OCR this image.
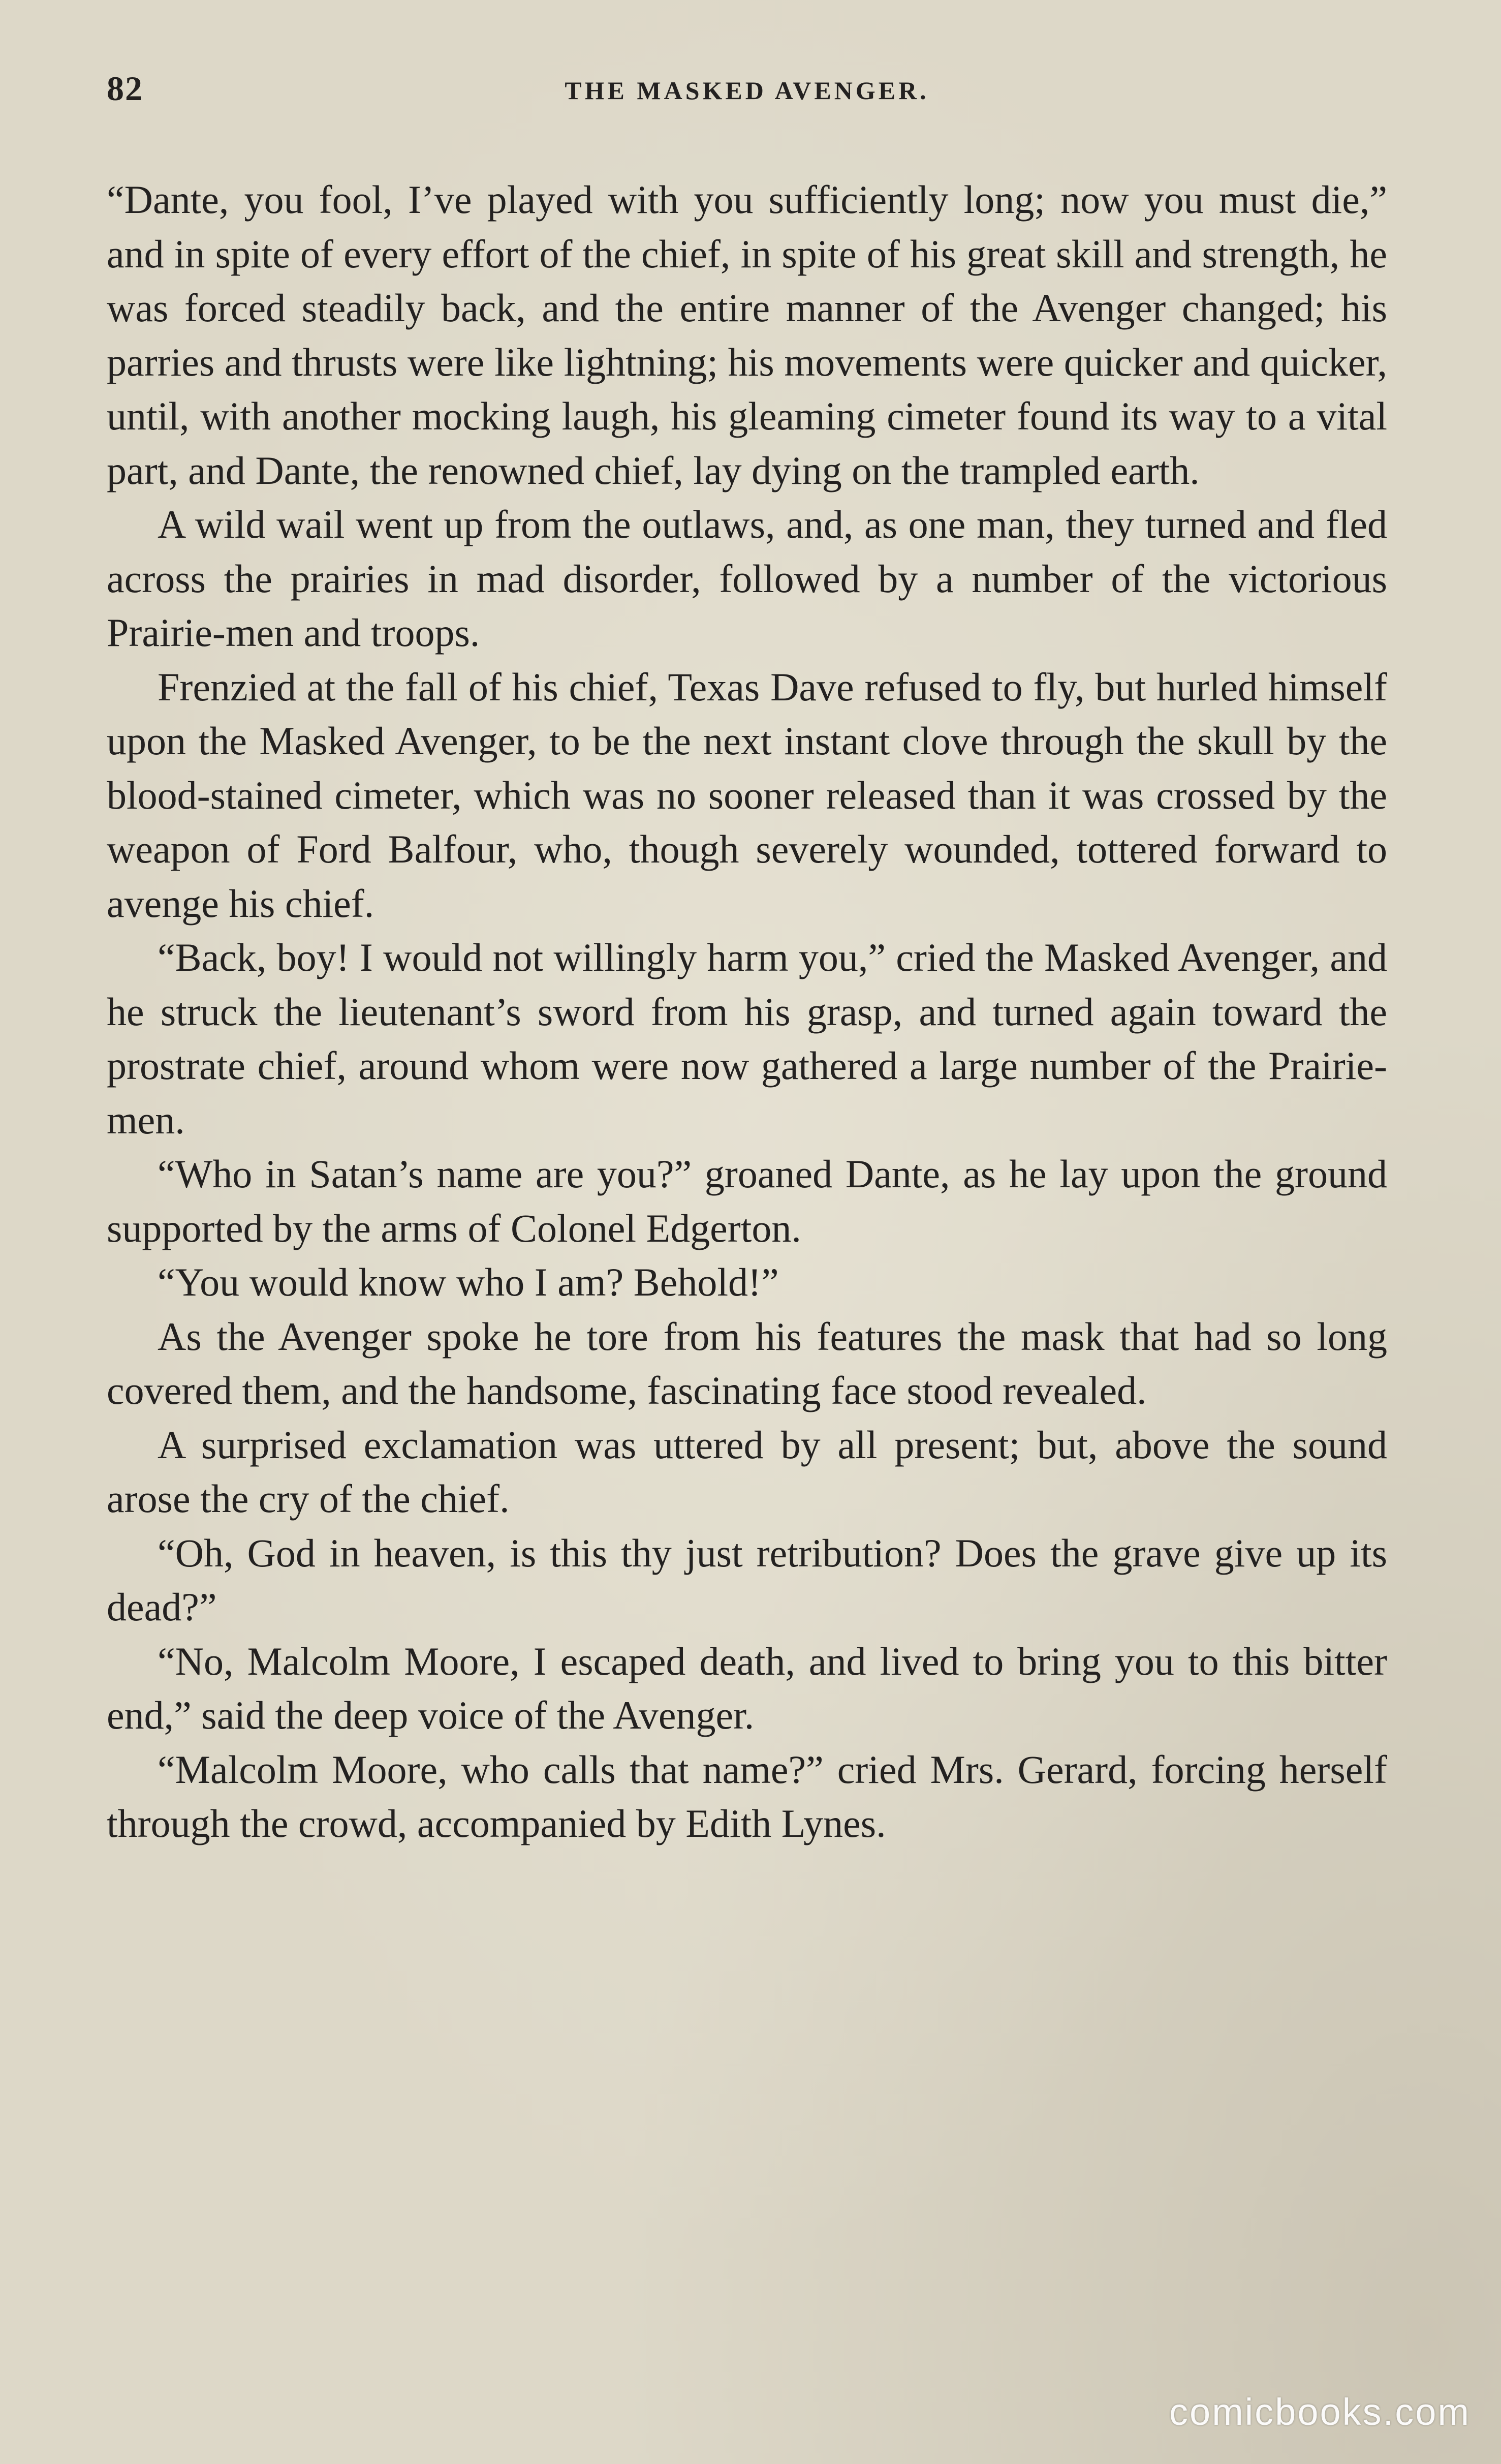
82	THE MASKED AVENGER.

“Dante, you fool, I’ve played with you sufficiently long; now you must die,” and in spite of every effort of the chief, in spite of his great skill and strength, he was forced steadily back, and the entire manner of the Avenger changed; his parries and thrusts were like lightning; his movements were quicker and quicker, until, with another mocking laugh, his gleaming cimeter found its way to a vital part, and Dante, the renowned chief, lay dying on the trampled earth.

A wild wail went up from the outlaws, and, as one man, they turned and fled across the prairies in mad disorder, followed by a number of the victorious Prairie-men and troops.

Frenzied at the fall of his chief, Texas Dave refused to fly, but hurled himself upon the Masked Avenger, to be the next instant clove through the skull by the blood-stained cimeter, which was no sooner released than it was crossed by the weapon of Ford Balfour, who, though severely wounded, tottered forward to avenge his chief.

“Back, boy! I would not willingly harm you,” cried the Masked Avenger, and he struck the lieutenant’s sword from his grasp, and turned again toward the prostrate chief, around whom were now gathered a large number of the Prairie-men.

“Who in Satan’s name are you?” groaned Dante, as he lay upon the ground supported by the arms of Colonel Edgerton.

“You would know who I am? Behold!”

As the Avenger spoke he tore from his features the mask that had so long covered them, and the handsome, fascinating face stood revealed.

A surprised exclamation was uttered by all present; but, above the sound arose the cry of the chief.

“Oh, God in heaven, is this thy just retribution? Does the grave give up its dead?”

“No, Malcolm Moore, I escaped death, and lived to bring you to this bitter end,” said the deep voice of the Avenger.

“Malcolm Moore, who calls that name?” cried Mrs. Gerard, forcing herself through the crowd, accompanied by Edith Lynes.

comicbooks.com
